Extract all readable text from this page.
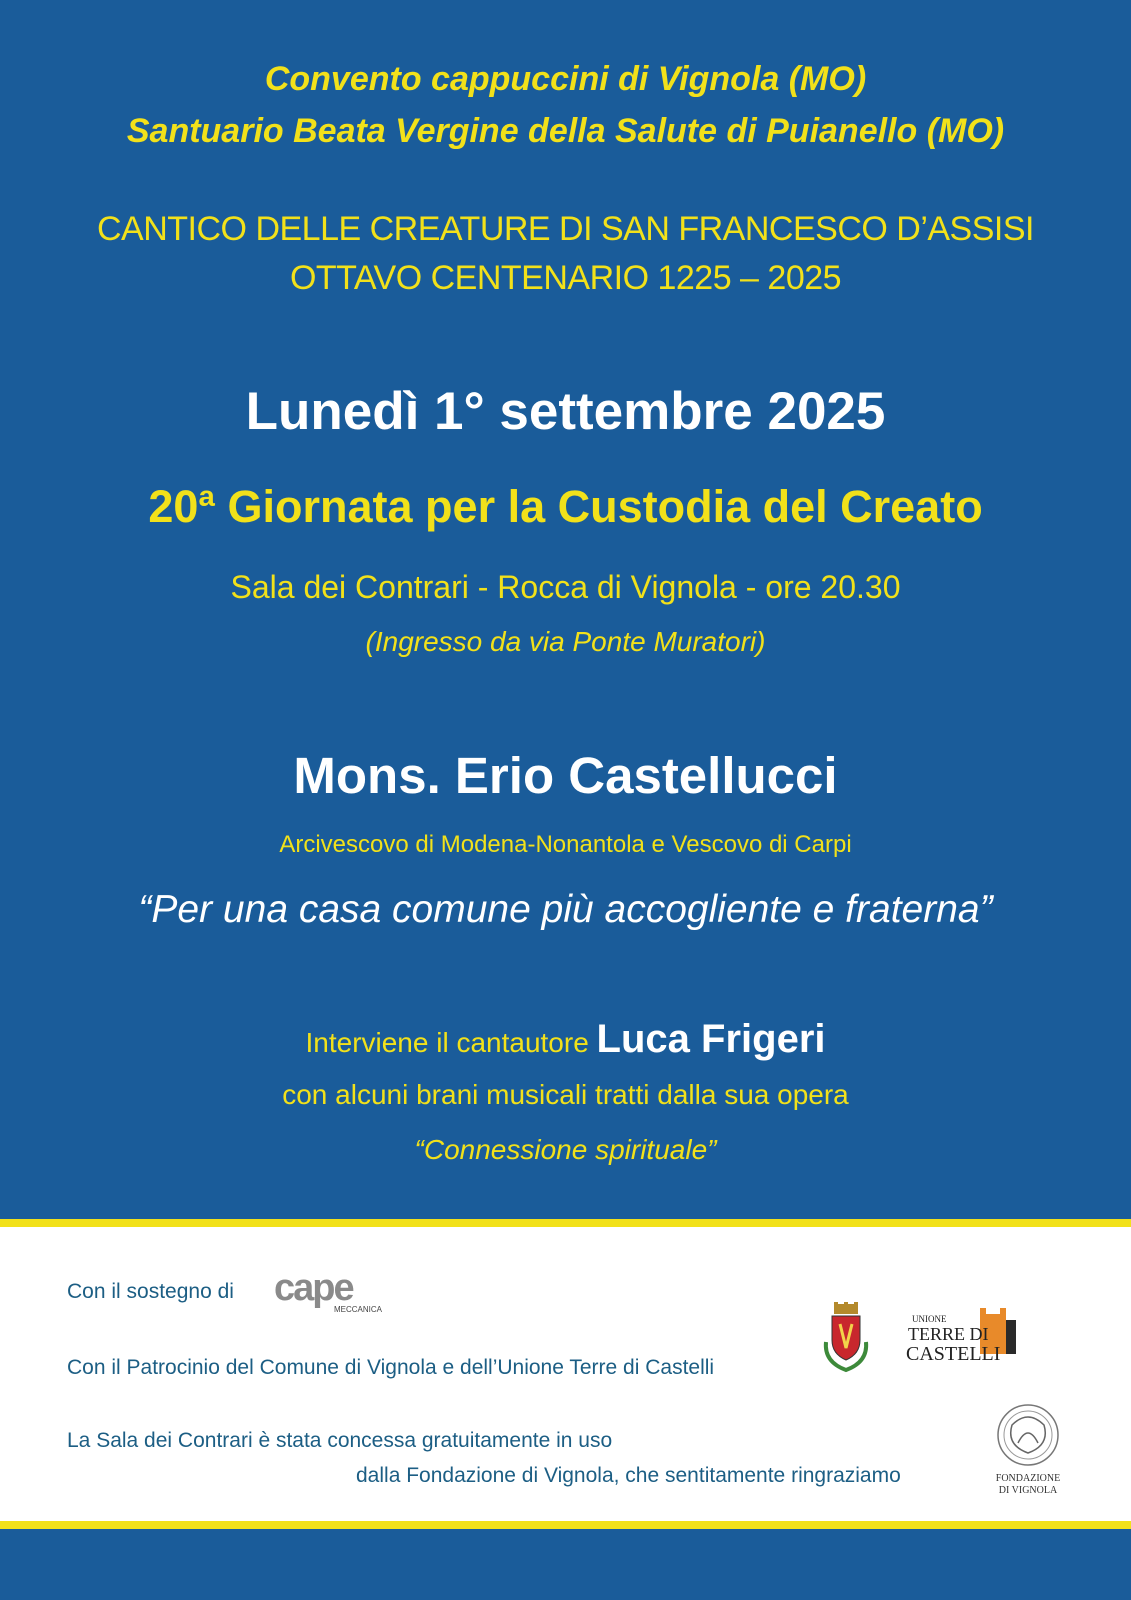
Convento cappuccini di Vignola (MO)
Santuario Beata Vergine della Salute di Puianello (MO)
CANTICO DELLE CREATURE DI SAN FRANCESCO D’ASSISI
OTTAVO CENTENARIO 1225 – 2025
Lunedì 1° settembre 2025
20ª Giornata per la Custodia del Creato
Sala dei Contrari - Rocca di Vignola - ore 20.30
(Ingresso da via Ponte Muratori)
Mons. Erio Castellucci
Arcivescovo di Modena-Nonantola e Vescovo di Carpi
“Per una casa comune più accogliente e fraterna”
Interviene il cantautore Luca Frigeri
con alcuni brani musicali tratti dalla sua opera
“Connessione spirituale”
Con il sostegno di cape
MECCANICA
Con il Patrocinio del Comune di Vignola e dell’Unione Terre di Castelli
UNIONE
TERRE DI
CASTELLI
La Sala dei Contrari è stata concessa gratuitamente in uso
dalla Fondazione di Vignola, che sentitamente ringraziamo	FONDAZIONE
DI VIGNOLA
